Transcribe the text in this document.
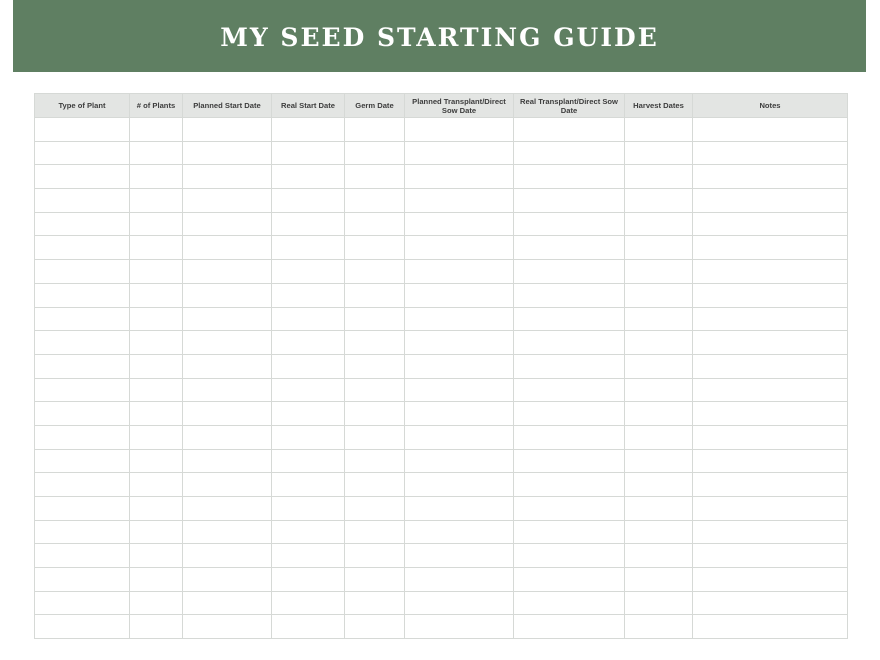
MY SEED STARTING GUIDE
Type of Plant	# of Plants	Planned Start Date	Real Start Date	Germ Date	Planned Transplant/Direct Sow Date	Real Transplant/Direct Sow Date	Harvest Dates	Notes
